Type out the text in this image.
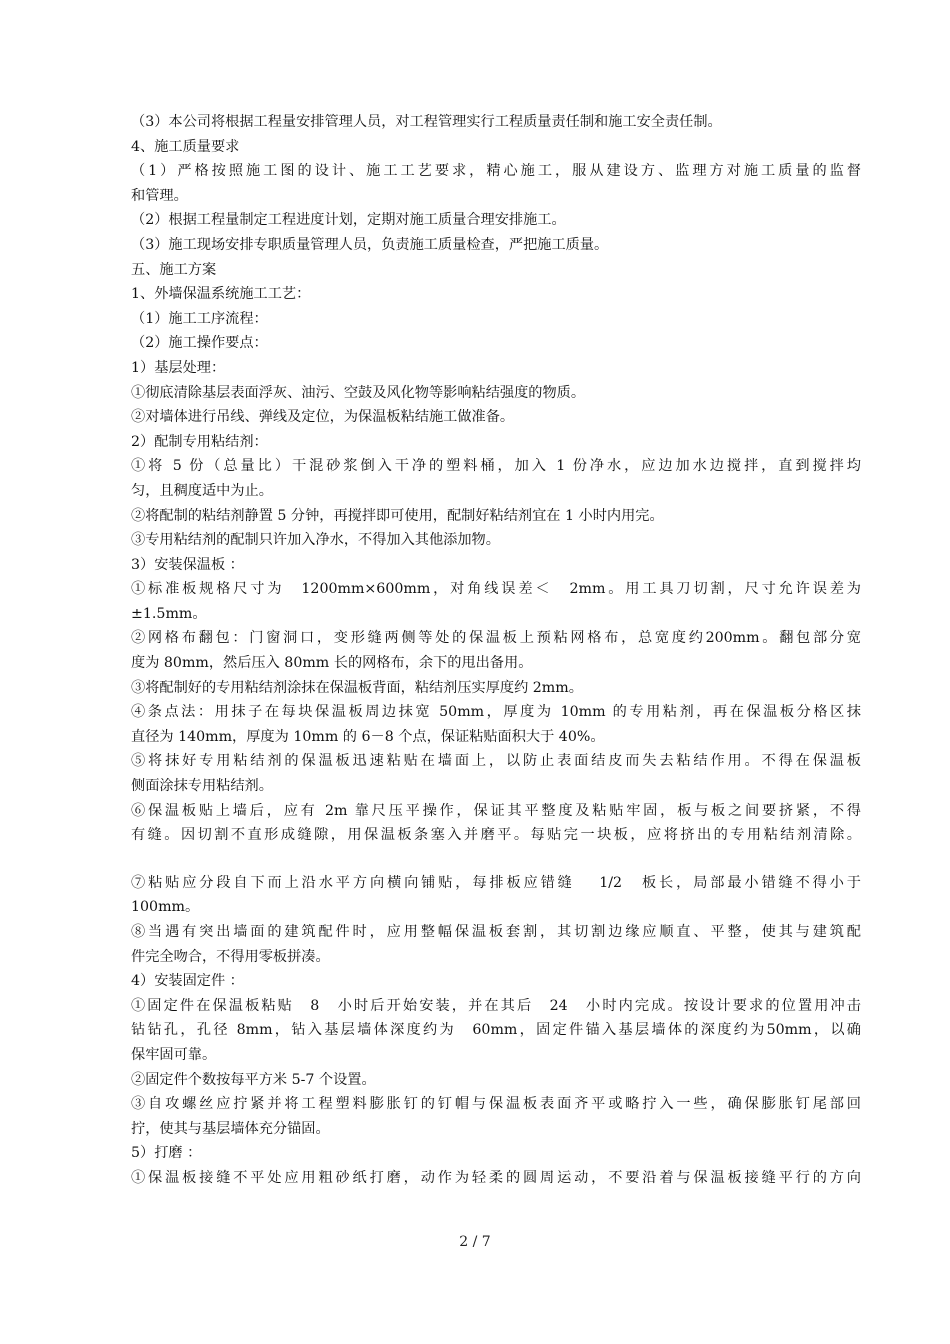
（3）本公司将根据工程量安排管理人员，对工程管理实行工程质量责任制和施工安全责任制。
4、施工质量要求
（1）严格按照施工图的设计、施工工艺要求，精心施工，服从建设方、监理方对施工质量的监督
和管理。
（2）根据工程量制定工程进度计划，定期对施工质量合理安排施工。
（3）施工现场安排专职质量管理人员，负责施工质量检查，严把施工质量。
五、施工方案
1、外墙保温系统施工工艺：
（1）施工工序流程：
（2）施工操作要点：
1）基层处理：
①彻底清除基层表面浮灰、油污、空鼓及风化物等影响粘结强度的物质。
②对墙体进行吊线、弹线及定位，为保温板粘结施工做准备。
2）配制专用粘结剂：
①将 5 份（总量比）干混砂浆倒入干净的塑料桶，加入 1 份净水，应边加水边搅拌，直到搅拌均
匀，且稠度适中为止。
②将配制的粘结剂静置 5 分钟，再搅拌即可使用，配制好粘结剂宜在 1 小时内用完。
③专用粘结剂的配制只许加入净水，不得加入其他添加物。
3）安装保温板 ：
①标准板规格尺寸为　1200mm×600mm，对角线误差＜　2mm。用工具刀切割，尺寸允许误差为
±1.5mm。
②网格布翻包：门窗洞口，变形缝两侧等处的保温板上预粘网格布，总宽度约200mm。翻包部分宽
度为 80mm，然后压入 80mm 长的网格布，余下的甩出备用。
③将配制好的专用粘结剂涂抹在保温板背面，粘结剂压实厚度约 2mm。
④条点法：用抹子在每块保温板周边抹宽 50mm，厚度为 10mm 的专用粘剂，再在保温板分格区抹
直径为 140mm，厚度为 10mm 的 6－8 个点，保证粘贴面积大于 40%。
⑤将抹好专用粘结剂的保温板迅速粘贴在墙面上，以防止表面结皮而失去粘结作用。不得在保温板
侧面涂抹专用粘结剂。
⑥保温板贴上墙后，应有 2m 靠尺压平操作，保证其平整度及粘贴牢固，板与板之间要挤紧，不得
有缝。因切割不直形成缝隙，用保温板条塞入并磨平。每贴完一块板，应将挤出的专用粘结剂清除。
⑦粘贴应分段自下而上沿水平方向横向铺贴，每排板应错缝　 1/2　板长，局部最小错缝不得小于
100mm。
⑧当遇有突出墙面的建筑配件时，应用整幅保温板套割，其切割边缘应顺直、平整，使其与建筑配
件完全吻合，不得用零板拼凑。
4）安装固定件 ：
①固定件在保温板粘贴　8　小时后开始安装，并在其后　24　小时内完成。按设计要求的位置用冲击
钻钻孔，孔径 8mm，钻入基层墙体深度约为　60mm，固定件锚入基层墙体的深度约为50mm，以确
保牢固可靠。
②固定件个数按每平方米 5-7 个设置。
③自攻螺丝应拧紧并将工程塑料膨胀钉的钉帽与保温板表面齐平或略拧入一些，确保膨胀钉尾部回
拧，使其与基层墙体充分锚固。
5）打磨 ：
①保温板接缝不平处应用粗砂纸打磨，动作为轻柔的圆周运动，不要沿着与保温板接缝平行的方向
2 / 7
